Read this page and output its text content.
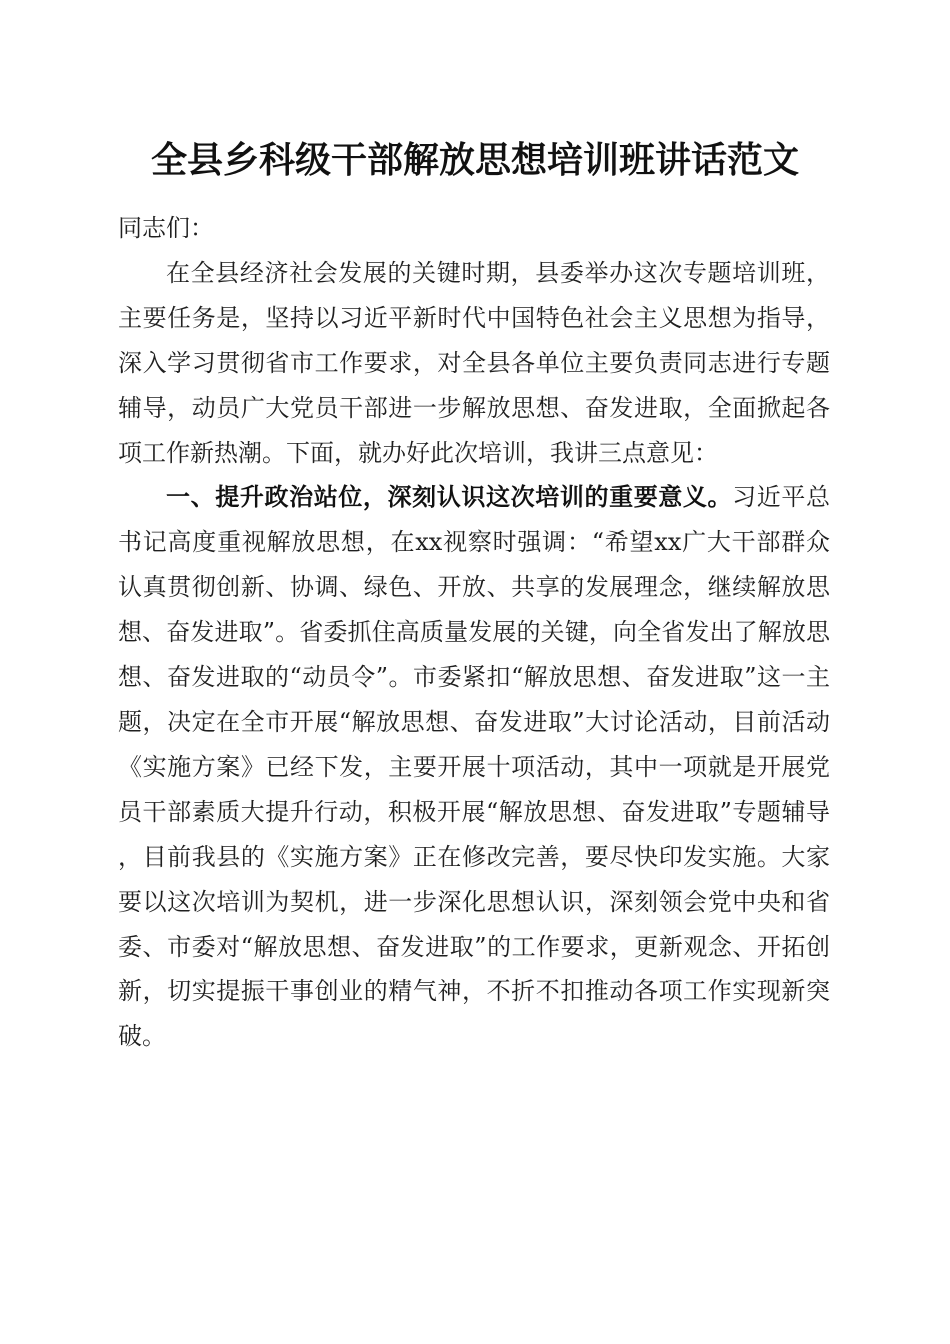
全县乡科级干部解放思想培训班讲话范文

同志们：

在全县经济社会发展的关键时期，县委举办这次专题培训班，主要任务是，坚持以习近平新时代中国特色社会主义思想为指导，深入学习贯彻省市工作要求，对全县各单位主要负责同志进行专题辅导，动员广大党员干部进一步解放思想、奋发进取，全面掀起各项工作新热潮。下面，就办好此次培训，我讲三点意见：

一、提升政治站位，深刻认识这次培训的重要意义。习近平总书记高度重视解放思想，在xx视察时强调：“希望xx广大干部群众认真贯彻创新、协调、绿色、开放、共享的发展理念，继续解放思想、奋发进取”。省委抓住高质量发展的关键，向全省发出了解放思想、奋发进取的“动员令”。市委紧扣“解放思想、奋发进取”这一主题，决定在全市开展“解放思想、奋发进取”大讨论活动，目前活动《实施方案》已经下发，主要开展十项活动，其中一项就是开展党员干部素质大提升行动，积极开展“解放思想、奋发进取”专题辅导，目前我县的《实施方案》正在修改完善，要尽快印发实施。大家要以这次培训为契机，进一步深化思想认识，深刻领会党中央和省委、市委对“解放思想、奋发进取”的工作要求，更新观念、开拓创新，切实提振干事创业的精气神，不折不扣推动各项工作实现新突破。
